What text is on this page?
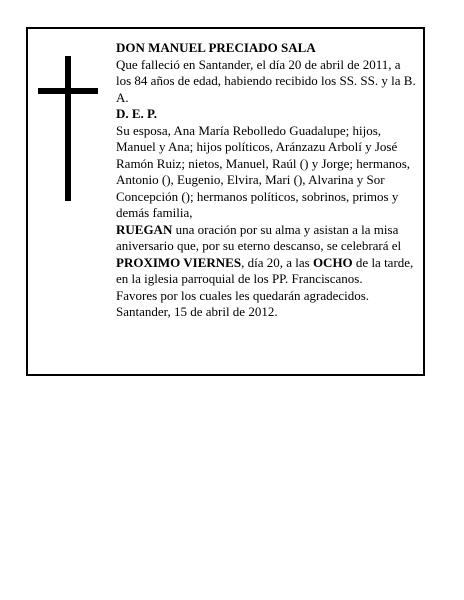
DON MANUEL PRECIADO SALA

Que falleció en Santander, el día 20 de abril de 2011, a los 84 años de edad, habiendo recibido los SS. SS. y la B. A.

D. E. P.

Su esposa, Ana María Rebolledo Guadalupe; hijos, Manuel y Ana; hijos políticos, Aránzazu Arbolí y José Ramón Ruiz; nietos, Manuel, Raúl () y Jorge; hermanos, Antonio (), Eugenio, Elvira, Mari (), Alvarina y Sor Concepción (); hermanos políticos, sobrinos, primos y demás familia,

RUEGAN una oración por su alma y asistan a la misa aniversario que, por su eterno descanso, se celebrará el PROXIMO VIERNES, día 20, a las OCHO de la tarde, en la iglesia parroquial de los PP. Franciscanos.

Favores por los cuales les quedarán agradecidos.

Santander, 15 de abril de 2012.
